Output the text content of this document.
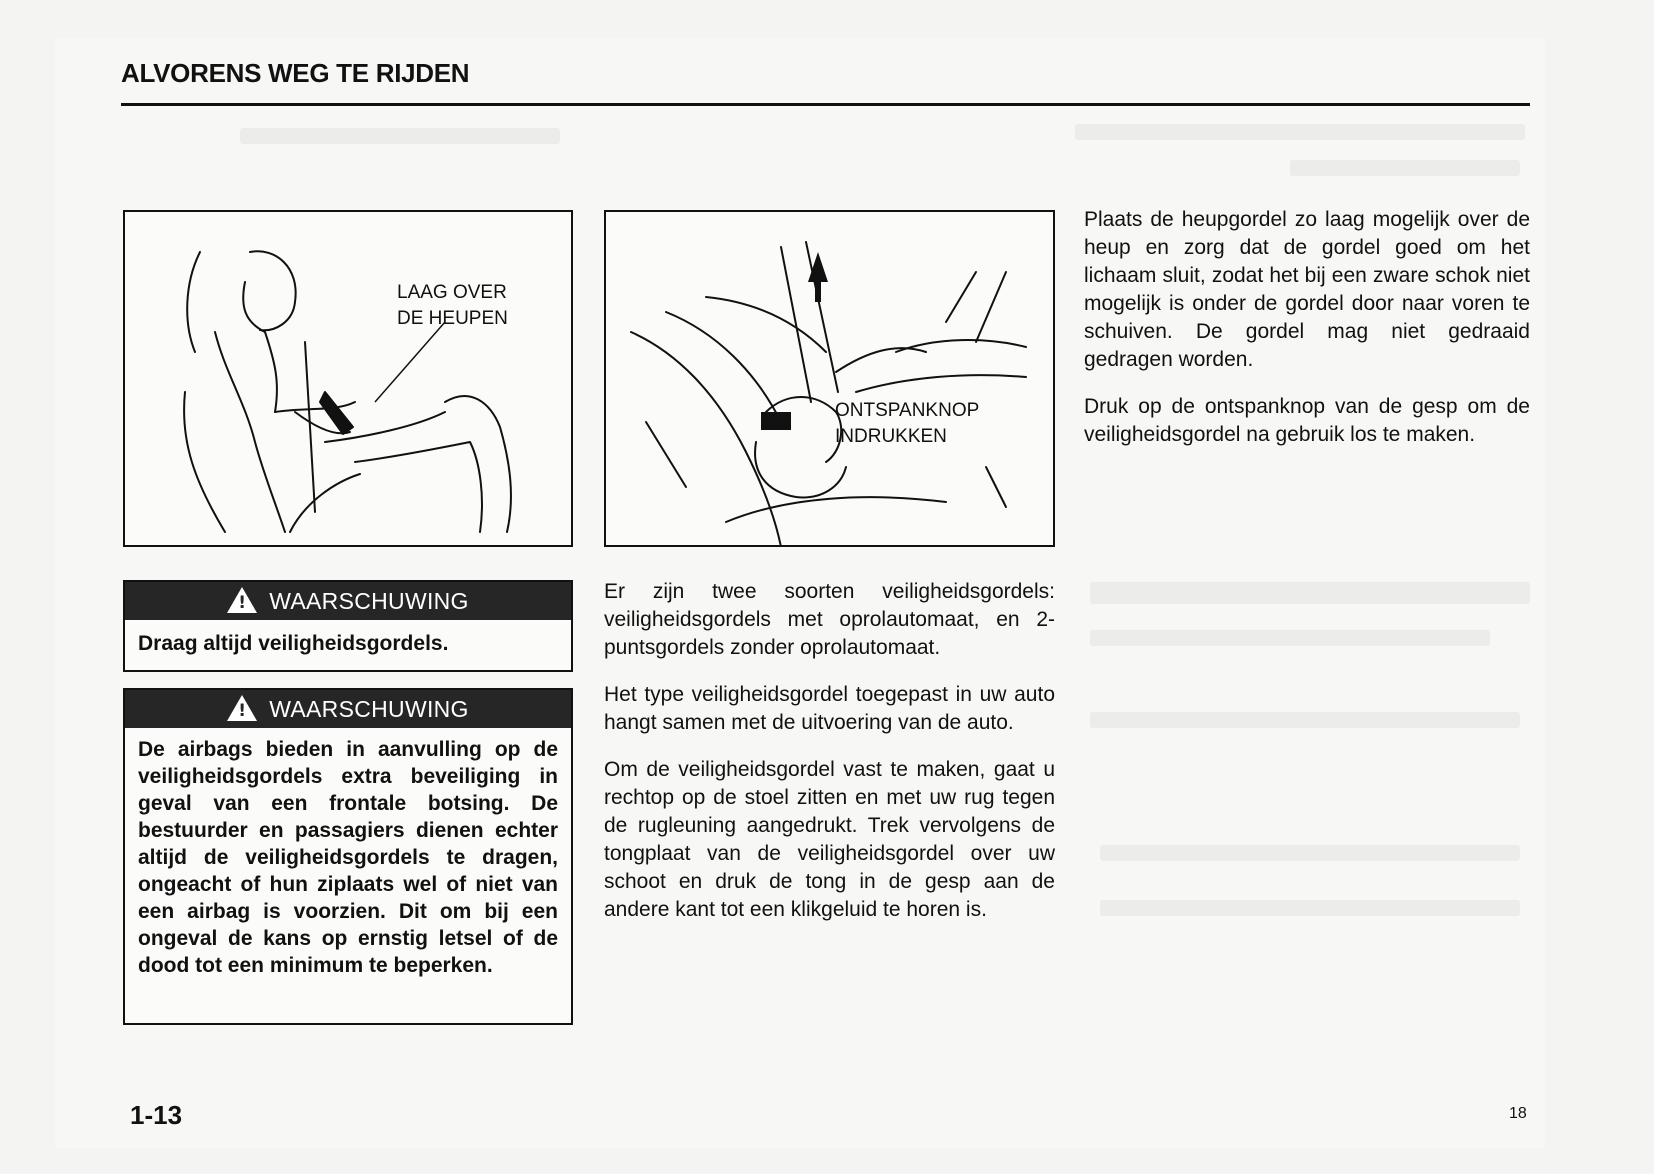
ALVORENS WEG TE RIJDEN
LAAG OVER
DE HEUPEN
ONTSPANKNOP
INDRUKKEN
!
WAARSCHUWING
Draag altijd veiligheidsgordels.
!
WAARSCHUWING
De airbags bieden in aanvulling op de veiligheidsgordels extra beveiliging in geval van een frontale botsing. De bestuurder en passagiers dienen echter altijd de veiligheidsgordels te dragen, ongeacht of hun ziplaats wel of niet van een airbag is voorzien. Dit om bij een ongeval de kans op ernstig letsel of de dood tot een minimum te beperken.

Er zijn twee soorten veiligheidsgordels: veiligheidsgordels met oprolautomaat, en 2-puntsgordels zonder oprolautomaat.

Het type veiligheidsgordel toegepast in uw auto hangt samen met de uitvoering van de auto.

Om de veiligheidsgordel vast te maken, gaat u rechtop op de stoel zitten en met uw rug tegen de rugleuning aangedrukt. Trek vervolgens de tongplaat van de veiligheidsgordel over uw schoot en druk de tong in de gesp aan de andere kant tot een klikgeluid te horen is.

Plaats de heupgordel zo laag mogelijk over de heup en zorg dat de gordel goed om het lichaam sluit, zodat het bij een zware schok niet mogelijk is onder de gordel door naar voren te schuiven. De gordel mag niet gedraaid gedragen worden.

Druk op de ontspanknop van de gesp om de veiligheidsgordel na gebruik los te maken.

1-13	18
